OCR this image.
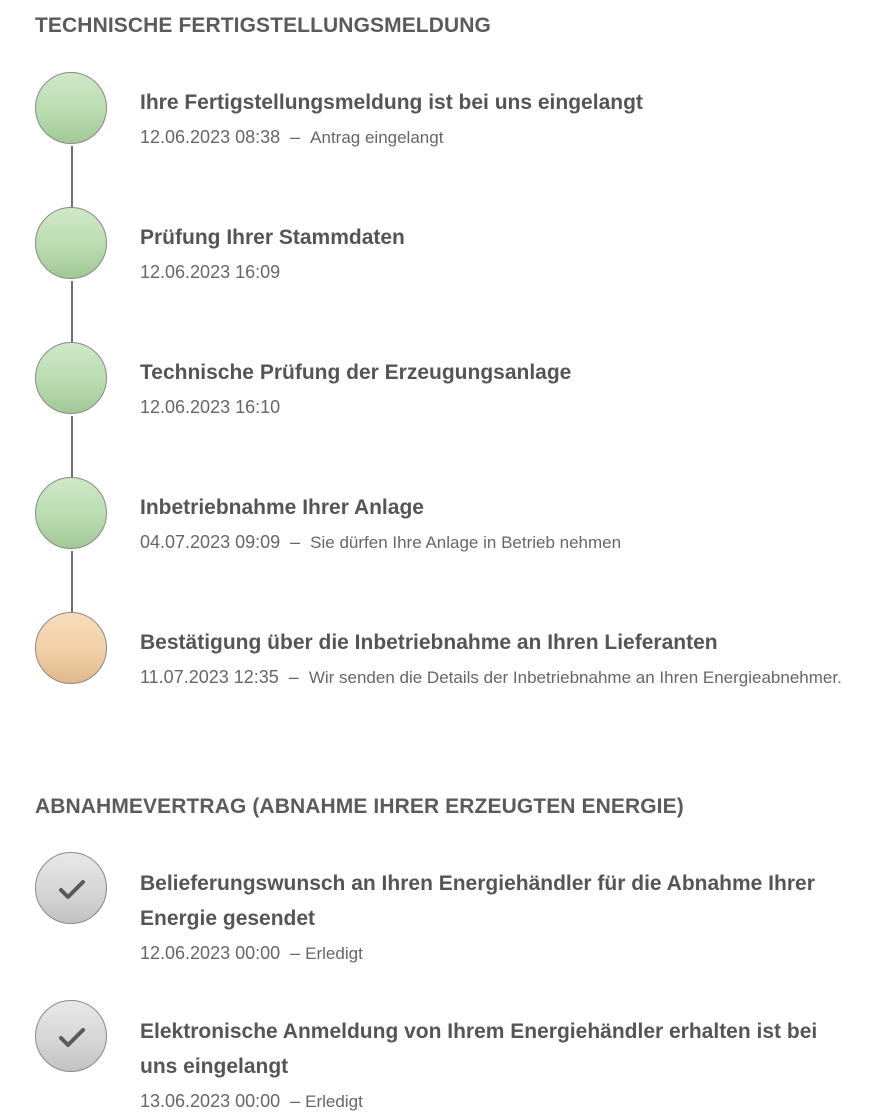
TECHNISCHE FERTIGSTELLUNGSMELDUNG
Ihre Fertigstellungsmeldung ist bei uns eingelangt
12.06.2023 08:38  –  Antrag eingelangt
Prüfung Ihrer Stammdaten
12.06.2023 16:09
Technische Prüfung der Erzeugungsanlage
12.06.2023 16:10
Inbetriebnahme Ihrer Anlage
04.07.2023 09:09  –  Sie dürfen Ihre Anlage in Betrieb nehmen
Bestätigung über die Inbetriebnahme an Ihren Lieferanten
11.07.2023 12:35  –  Wir senden die Details der Inbetriebnahme an Ihren Energieabnehmer.
ABNAHMEVERTRAG (ABNAHME IHRER ERZEUGTEN ENERGIE)
Belieferungswunsch an Ihren Energiehändler für die Abnahme Ihrer Energie gesendet
12.06.2023 00:00  – Erledigt
Elektronische Anmeldung von Ihrem Energiehändler erhalten ist bei uns eingelangt
13.06.2023 00:00  – Erledigt
